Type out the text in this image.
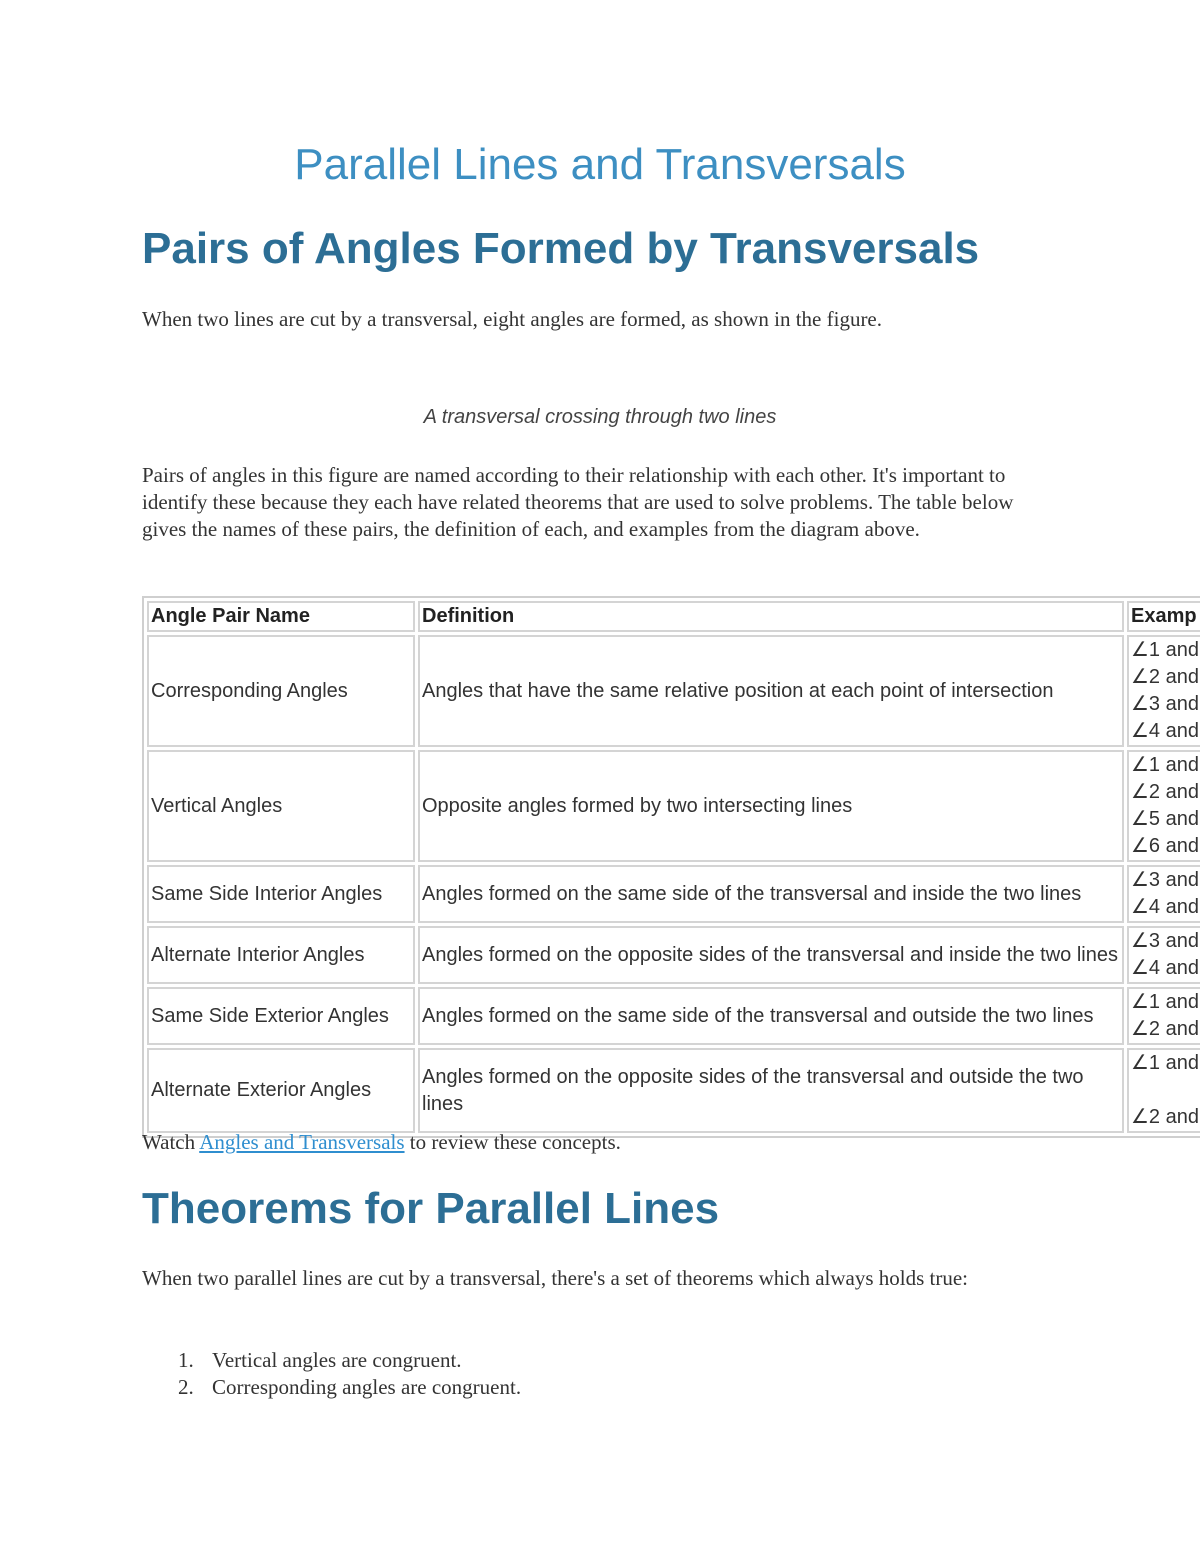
Parallel Lines and Transversals
Pairs of Angles Formed by Transversals

When two lines are cut by a transversal, eight angles are formed, as shown in the figure.

A transversal crossing through two lines

Pairs of angles in this figure are named according to their relationship with each other. It's important to identify these because they each have related theorems that are used to solve problems. The table below gives the names of these pairs, the definition of each, and examples from the diagram above.

Angle Pair Name	Definition	Examp
Corresponding Angles	Angles that have the same relative position at each point of intersection	∠1 and
∠2 and
∠3 and
∠4 and

Vertical Angles	Opposite angles formed by two intersecting lines	∠1 and
∠2 and
∠5 and
∠6 and

Same Side Interior Angles	Angles formed on the same side of the transversal and inside the two lines	∠3 and
∠4 and

Alternate Interior Angles	Angles formed on the opposite sides of the transversal and inside the two lines	∠3 and
∠4 and

Same Side Exterior Angles	Angles formed on the same side of the transversal and outside the two lines	∠1 and
∠2 and

Alternate Exterior Angles	Angles formed on the opposite sides of the transversal and outside the two lines	∠1 and
∠2 and

Watch Angles and Transversals to review these concepts.

Theorems for Parallel Lines

When two parallel lines are cut by a transversal, there's a set of theorems which always holds true:

1. Vertical angles are congruent.
2. Corresponding angles are congruent.
